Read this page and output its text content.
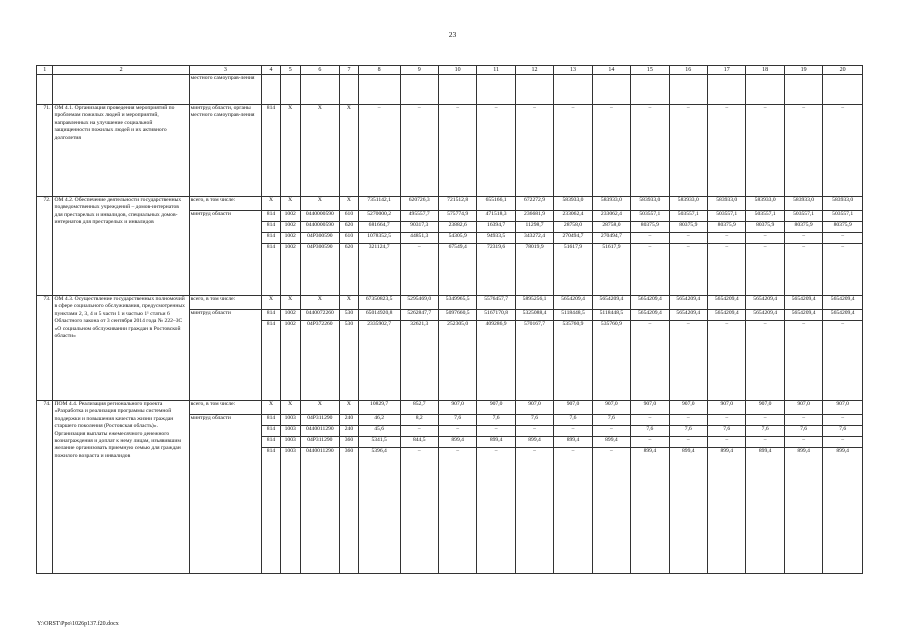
23
1	2	3	4	5	6	7	8	9	10	11	12	13	14	15	16	17	18	19	20
		местного самоуправ-ления																	
71.	ОМ 4.1. Организация проведения мероприятий по проблемам пожилых людей и мероприятий, направленных на улучшение социальной защищенности пожилых людей и их активного долголетия	минтруд области, органы местного самоуправ-ления	814	X	X	X	–	–	–	–	–	–	–	–	–	–	–	–	–
72.	ОМ 4.2. Обеспечение деятельности государственных подведомственных учреждений – домов-интернатов для престарелых и инвалидов, специальных домов-интернатов для престарелых и инвалидов	всего, в том числе:	X	X	X	X	7351142,1	620726,3	721512,8	655166,1	672272,9	583933,0	583933,0	583933,0	583933,0	583933,0	583933,0	583933,0	583933,0
		минтруд области	814	1002	0440000590	610	5270000,2	495557,7	575774,9	471518,3	236681,9	233062,4	233062,4	503557,1	503557,1	503557,1	503557,1	503557,1	503557,1
			814	1002	0440000590	620	681664,7	90317,3	23882,6	16394,7	11298,7	28758,0	28758,0	80375,9	80375,9	80375,9	80375,9	80375,9	80375,9
			814	1002	04Р300590	610	1078352,5	44851,3	54305,9	94933,5	343272,4	270494,7	270494,7	–	–	–	–	–	–
			814	1002	04Р300590	620	321124,7	–	67549,4	72319,6	78019,9	51617,9	51617,9	–	–	–	–	–	–
73.	ОМ 4.3. Осуществление государственных полномочий в сфере социального обслуживания, предусмотренных пунктами 2, 3, 4 и 5 части 1 и частью 1¹ статьи 6 Областного закона от 3 сентября 2014 года № 222–ЗС «О социальном обслуживании граждан в Ростовской области»	всего, в том числе:	X	X	X	X	67350823,5	5295469,0	5349965,5	5576457,7	5895256,1	5654209,4	5654209,4	5654209,4	5654209,4	5654209,4	5654209,4	5654209,4	5654209,4
		минтруд области	814	1002	0440072260	530	65014920,8	5262847,7	5097660,5	5167170,8	5325088,4	5118448,5	5118448,5	5654209,4	5654209,4	5654209,4	5654209,4	5654209,4	5654209,4
			814	1002	04Р372260	530	2335902,7	32621,3	252305,0	409286,9	570167,7	535760,9	535760,9	–	–	–	–	–	–
74.	ПОМ 4.4. Реализация регионального проекта «Разработка и реализация программы системной поддержки и повышения качества жизни граждан старшего поколения (Ростовская область)». Организация выплаты ежемесячного денежного вознаграждения и доплат к нему лицам, изъявившим желание организовать приемную семью для граждан пожилого возраста и инвалидов	всего, в том числе:	X	X	X	X	10829,7	852,7	907,0	907,0	907,0	907,0	907,0	907,0	907,0	907,0	907,0	907,0	907,0
		минтруд области	814	1003	04Р311290	240	46,2	8,2	7,6	7,6	7,6	7,6	7,6	–	–	–	–	–	–
			814	1003	0440011290	240	45,6	–	–	–	–	–	–	7,6	7,6	7,6	7,6	7,6	7,6
			814	1003	04Р311290	360	5341,5	844,5	899,4	899,4	899,4	899,4	899,4	–	–	–	–	–	–
			814	1003	0440011290	360	5396,4	–	–	–	–	–	–	899,4	899,4	899,4	899,4	899,4	899,4
Y:\ORST\Ppo\1026p137.f20.docx
